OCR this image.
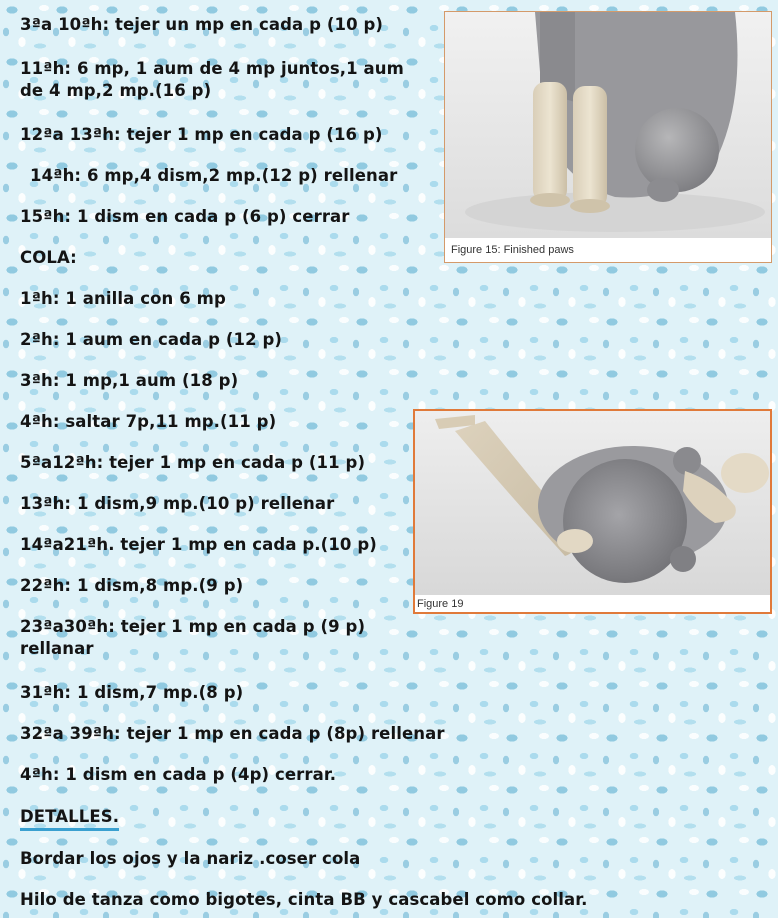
3ªa 10ªh: tejer un mp en cada p (10 p)
11ªh: 6 mp, 1 aum de 4 mp juntos,1 aum de 4 mp,2 mp.(16 p)
12ªa 13ªh: tejer 1 mp en cada p (16 p)
14ªh: 6 mp,4 dism,2 mp.(12 p) rellenar
15ªh: 1 dism en cada p (6 p) cerrar
COLA:
1ªh: 1 anilla con 6 mp
2ªh: 1 aum en cada p (12 p)
3ªh: 1 mp,1 aum (18 p)
4ªh: saltar 7p,11 mp.(11 p)
5ªa12ªh: tejer 1 mp en cada p (11 p)
13ªh: 1 dism,9 mp.(10 p) rellenar
14ªa21ªh. tejer 1 mp en cada p.(10 p)
22ªh: 1 dism,8 mp.(9 p)
23ªa30ªh: tejer 1 mp en cada p (9 p) rellanar
31ªh: 1 dism,7 mp.(8 p)
32ªa 39ªh: tejer 1 mp en cada p (8p) rellenar
4ªh: 1 dism en cada p (4p) cerrar.
DETALLES.
Bordar los ojos y la nariz .coser cola
Hilo de tanza como bigotes, cinta BB y cascabel como collar.
Figure 15: Finished paws
Figure 19
